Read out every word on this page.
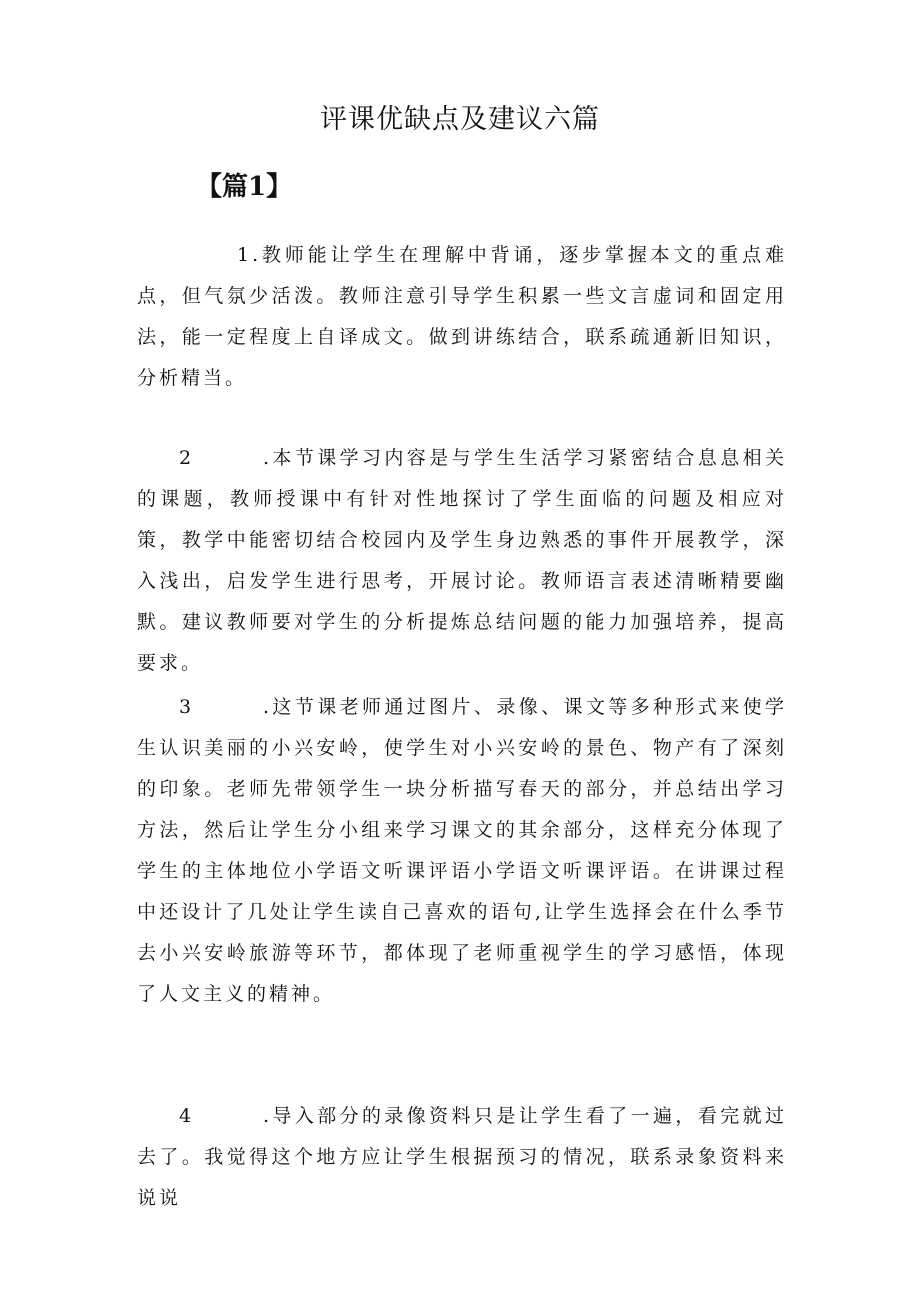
评课优缺点及建议六篇
【篇1】
1.教师能让学生在理解中背诵，逐步掌握本文的重点难点，但气氛少活泼。教师注意引导学生积累一些文言虚词和固定用法，能一定程度上自译成文。做到讲练结合，联系疏通新旧知识，分析精当。
2	.本节课学习内容是与学生生活学习紧密结合息息相关的课题，教师授课中有针对性地探讨了学生面临的问题及相应对策，教学中能密切结合校园内及学生身边熟悉的事件开展教学，深入浅出，启发学生进行思考，开展讨论。教师语言表述清晰精要幽默。建议教师要对学生的分析提炼总结问题的能力加强培养，提高要求。
3	.这节课老师通过图片、录像、课文等多种形式来使学生认识美丽的小兴安岭，使学生对小兴安岭的景色、物产有了深刻的印象。老师先带领学生一块分析描写春天的部分，并总结出学习方法，然后让学生分小组来学习课文的其余部分，这样充分体现了学生的主体地位小学语文听课评语小学语文听课评语。在讲课过程中还设计了几处让学生读自己喜欢的语句,让学生选择会在什么季节去小兴安岭旅游等环节，都体现了老师重视学生的学习感悟，体现了人文主义的精神。
4	.导入部分的录像资料只是让学生看了一遍，看完就过去了。我觉得这个地方应让学生根据预习的情况，联系录象资料来说说
